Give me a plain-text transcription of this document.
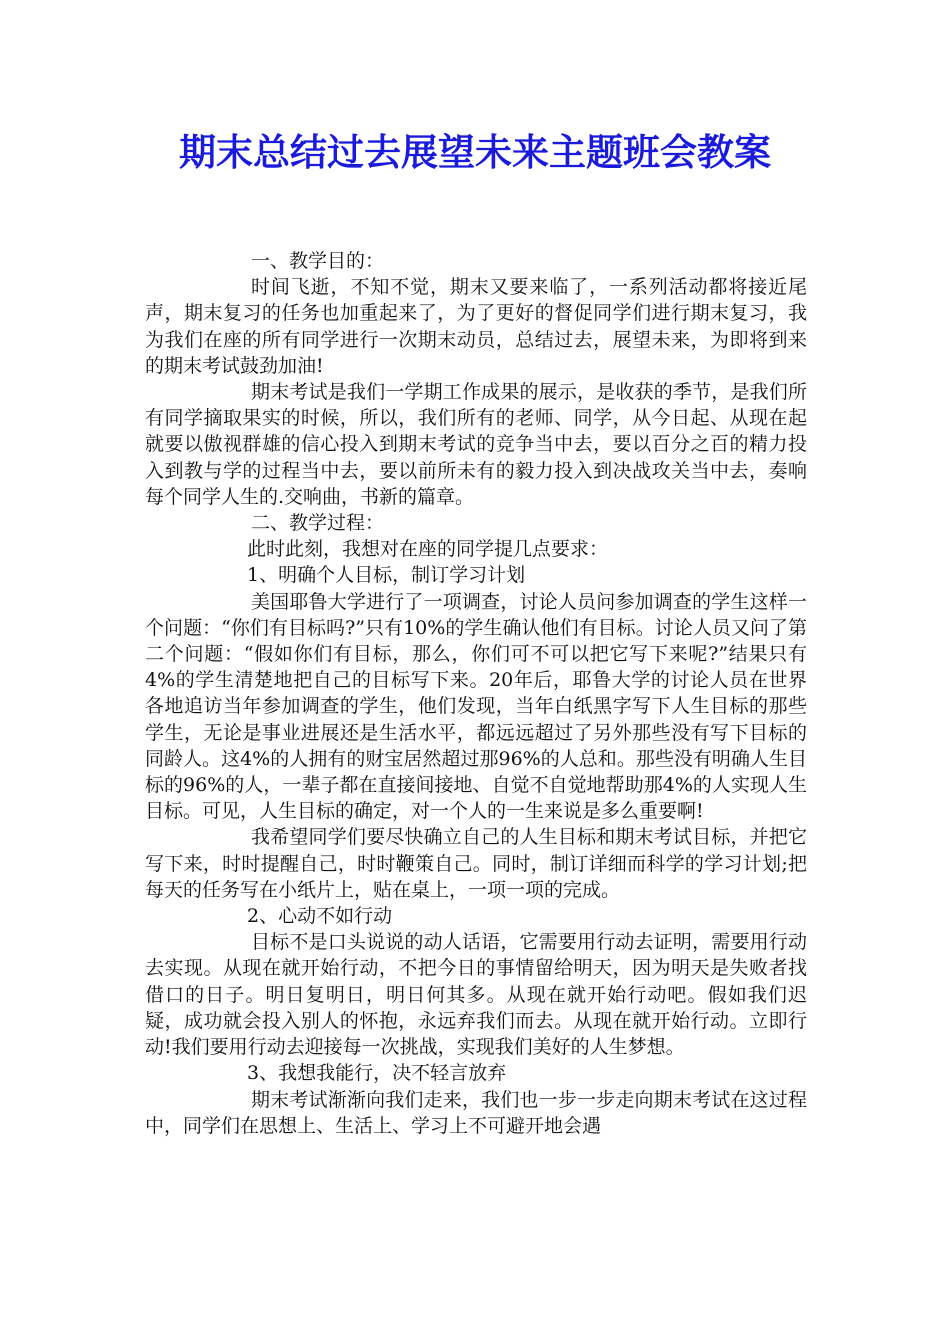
期末总结过去展望未来主题班会教案

一、教学目的：

时间飞逝，不知不觉，期末又要来临了，一系列活动都将接近尾声，期末复习的任务也加重起来了，为了更好的督促同学们进行期末复习，我为我们在座的所有同学进行一次期末动员，总结过去，展望未来，为即将到来的期末考试鼓劲加油!

期末考试是我们一学期工作成果的展示，是收获的季节，是我们所有同学摘取果实的时候，所以，我们所有的老师、同学，从今日起、从现在起就要以傲视群雄的信心投入到期末考试的竞争当中去，要以百分之百的精力投入到教与学的过程当中去，要以前所未有的毅力投入到决战攻关当中去，奏响每个同学人生的.交响曲，书新的篇章。

二、教学过程：

此时此刻，我想对在座的同学提几点要求：

1、明确个人目标，制订学习计划

美国耶鲁大学进行了一项调查，讨论人员问参加调查的学生这样一个问题：“你们有目标吗?”只有10%的学生确认他们有目标。讨论人员又问了第二个问题：“假如你们有目标，那么，你们可不可以把它写下来呢?”结果只有4%的学生清楚地把自己的目标写下来。20年后，耶鲁大学的讨论人员在世界各地追访当年参加调查的学生，他们发现，当年白纸黑字写下人生目标的那些学生，无论是事业进展还是生活水平，都远远超过了另外那些没有写下目标的同龄人。这4%的人拥有的财宝居然超过那96%的人总和。那些没有明确人生目标的96%的人，一辈子都在直接间接地、自觉不自觉地帮助那4%的人实现人生目标。可见，人生目标的确定，对一个人的一生来说是多么重要啊!

我希望同学们要尽快确立自己的人生目标和期末考试目标，并把它写下来，时时提醒自己，时时鞭策自己。同时，制订详细而科学的学习计划;把每天的任务写在小纸片上，贴在桌上，一项一项的完成。

2、心动不如行动

目标不是口头说说的动人话语，它需要用行动去证明，需要用行动去实现。从现在就开始行动，不把今日的事情留给明天，因为明天是失败者找借口的日子。明日复明日，明日何其多。从现在就开始行动吧。假如我们迟疑，成功就会投入别人的怀抱，永远弃我们而去。从现在就开始行动。立即行动!我们要用行动去迎接每一次挑战，实现我们美好的人生梦想。

3、我想我能行，决不轻言放弃

期末考试渐渐向我们走来，我们也一步一步走向期末考试在这过程中，同学们在思想上、生活上、学习上不可避开地会遇
